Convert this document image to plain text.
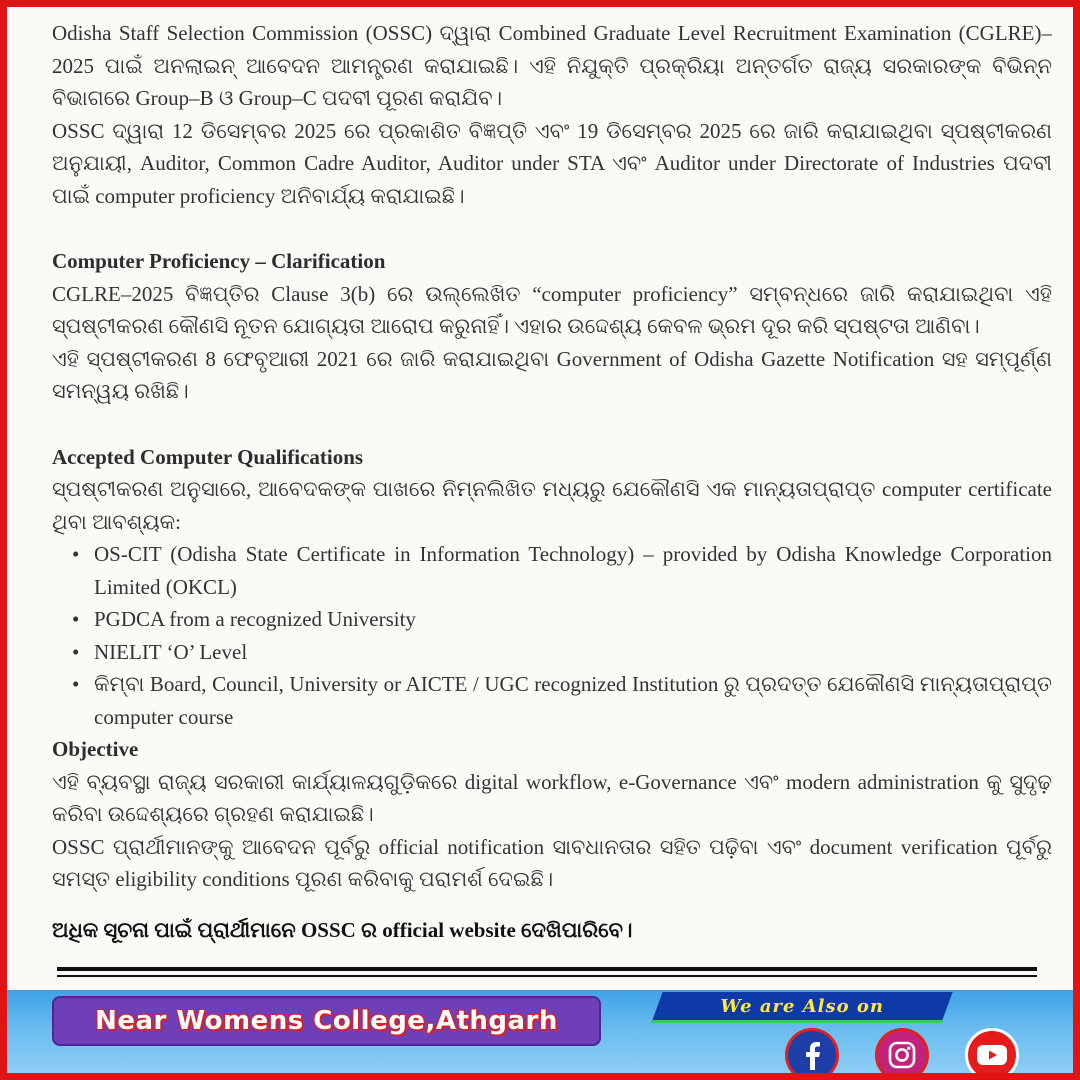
Odisha Staff Selection Commission (OSSC) ଦ୍ୱାରା Combined Graduate Level Recruitment Examination (CGLRE)–2025 ପାଇଁ ଅନଲାଇନ୍ ଆବେଦନ ଆମନ୍ତ୍ରଣ କରାଯାଇଛି। ଏହି ନିଯୁକ୍ତି ପ୍ରକ୍ରିୟା ଅନ୍ତର୍ଗତ ରାଜ୍ୟ ସରକାରଙ୍କ ବିଭିନ୍ନ ବିଭାଗରେ Group–B ଓ Group–C ପଦବୀ ପୂରଣ କରାଯିବ।

OSSC ଦ୍ୱାରା 12 ଡିସେମ୍ବର 2025 ରେ ପ୍ରକାଶିତ ବିଜ୍ଞପ୍ତି ଏବଂ 19 ଡିସେମ୍ବର 2025 ରେ ଜାରି କରାଯାଇଥିବା ସ୍ପଷ୍ଟୀକରଣ ଅନୁଯାୟୀ, Auditor, Common Cadre Auditor, Auditor under STA ଏବଂ Auditor under Directorate of Industries ପଦବୀ ପାଇଁ computer proficiency ଅନିବାର୍ଯ୍ୟ କରାଯାଇଛି।

Computer Proficiency – Clarification

CGLRE–2025 ବିଜ୍ଞପ୍ତିର Clause 3(b) ରେ ଉଲ୍ଲେଖିତ “computer proficiency” ସମ୍ବନ୍ଧରେ ଜାରି କରାଯାଇଥିବା ଏହି ସ୍ପଷ୍ଟୀକରଣ କୌଣସି ନୂତନ ଯୋଗ୍ୟତା ଆରୋପ କରୁନାହିଁ। ଏହାର ଉଦ୍ଦେଶ୍ୟ କେବଳ ଭ୍ରମ ଦୂର କରି ସ୍ପଷ୍ଟତା ଆଣିବା।

ଏହି ସ୍ପଷ୍ଟୀକରଣ 8 ଫେବୃଆରୀ 2021 ରେ ଜାରି କରାଯାଇଥିବା Government of Odisha Gazette Notification ସହ ସମ୍ପୂର୍ଣ୍ଣ ସମନ୍ୱୟ ରଖିଛି।

Accepted Computer Qualifications

ସ୍ପଷ୍ଟୀକରଣ ଅନୁସାରେ, ଆବେଦକଙ୍କ ପାଖରେ ନିମ୍ନଲିଖିତ ମଧ୍ୟରୁ ଯେକୌଣସି ଏକ ମାନ୍ୟତାପ୍ରାପ୍ତ computer certificate ଥିବା ଆବଶ୍ୟକ:

• OS-CIT (Odisha State Certificate in Information Technology) – provided by Odisha Knowledge Corporation Limited (OKCL)
• PGDCA from a recognized University
• NIELIT ‘O’ Level
• କିମ୍ବା Board, Council, University or AICTE / UGC recognized Institution ରୁ ପ୍ରଦତ୍ତ ଯେକୌଣସି ମାନ୍ୟତାପ୍ରାପ୍ତ computer course

Objective

ଏହି ବ୍ୟବସ୍ଥା ରାଜ୍ୟ ସରକାରୀ କାର୍ଯ୍ୟାଳୟଗୁଡ଼ିକରେ digital workflow, e-Governance ଏବଂ modern administration କୁ ସୁଦୃଢ଼ କରିବା ଉଦ୍ଦେଶ୍ୟରେ ଗ୍ରହଣ କରାଯାଇଛି।

OSSC ପ୍ରାର୍ଥୀମାନଙ୍କୁ ଆବେଦନ ପୂର୍ବରୁ official notification ସାବଧାନତାର ସହିତ ପଢ଼ିବା ଏବଂ document verification ପୂର୍ବରୁ ସମସ୍ତ eligibility conditions ପୂରଣ କରିବାକୁ ପରାମର୍ଶ ଦେଇଛି।

ଅଧିକ ସୂଚନା ପାଇଁ ପ୍ରାର୍ଥୀମାନେ OSSC ର official website ଦେଖିପାରିବେ।

Near Womens College,Athgarh	We are Also on
